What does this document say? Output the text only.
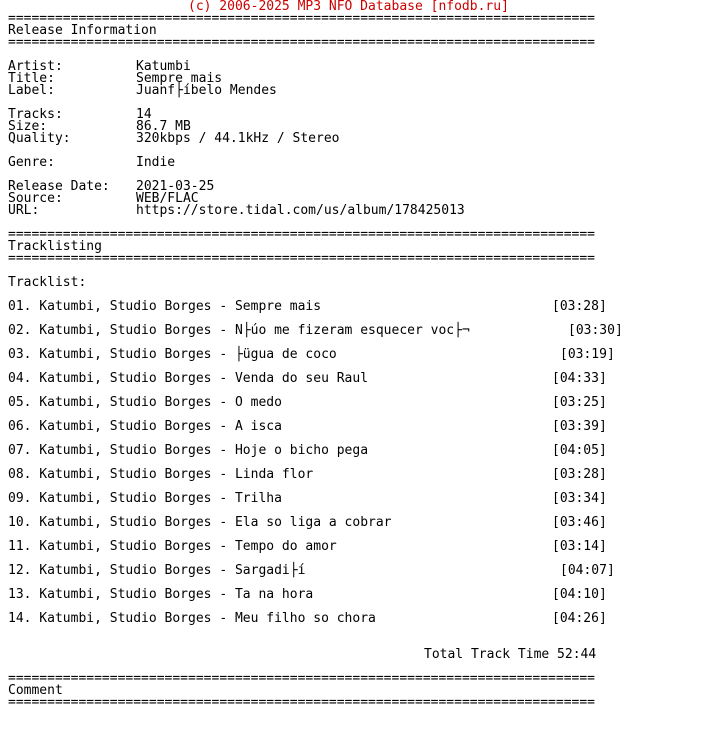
(c) 2006-2025 MP3 NFO Database [nfodb.ru]
===========================================================================
Release Information
===========================================================================
Artist:	Katumbi
Title:	Sempre mais
Label:	Juanf├íbelo Mendes
Tracks:	14
Size:	86.7 MB
Quality:	320kbps / 44.1kHz / Stereo
Genre:	Indie
Release Date: 2021-03-25
Source:	WEB/FLAC
URL:	https://store.tidal.com/us/album/178425013
===========================================================================
Tracklisting
===========================================================================
Tracklist:
01. Katumbi, Studio Borges - Sempre mais	[03:28]
02. Katumbi, Studio Borges - N├úo me fizeram esquecer voc├¬	[03:30]
03. Katumbi, Studio Borges - ├ügua de coco	[03:19]
04. Katumbi, Studio Borges - Venda do seu Raul	[04:33]
05. Katumbi, Studio Borges - O medo	[03:25]
06. Katumbi, Studio Borges - A isca	[03:39]
07. Katumbi, Studio Borges - Hoje o bicho pega	[04:05]
08. Katumbi, Studio Borges - Linda flor	[03:28]
09. Katumbi, Studio Borges - Trilha	[03:34]
10. Katumbi, Studio Borges - Ela so liga a cobrar	[03:46]
11. Katumbi, Studio Borges - Tempo do amor	[03:14]
12. Katumbi, Studio Borges - Sargadi├í	[04:07]
13. Katumbi, Studio Borges - Ta na hora	[04:10]
14. Katumbi, Studio Borges - Meu filho so chora	[04:26]
Total Track Time 52:44
===========================================================================
Comment
===========================================================================
